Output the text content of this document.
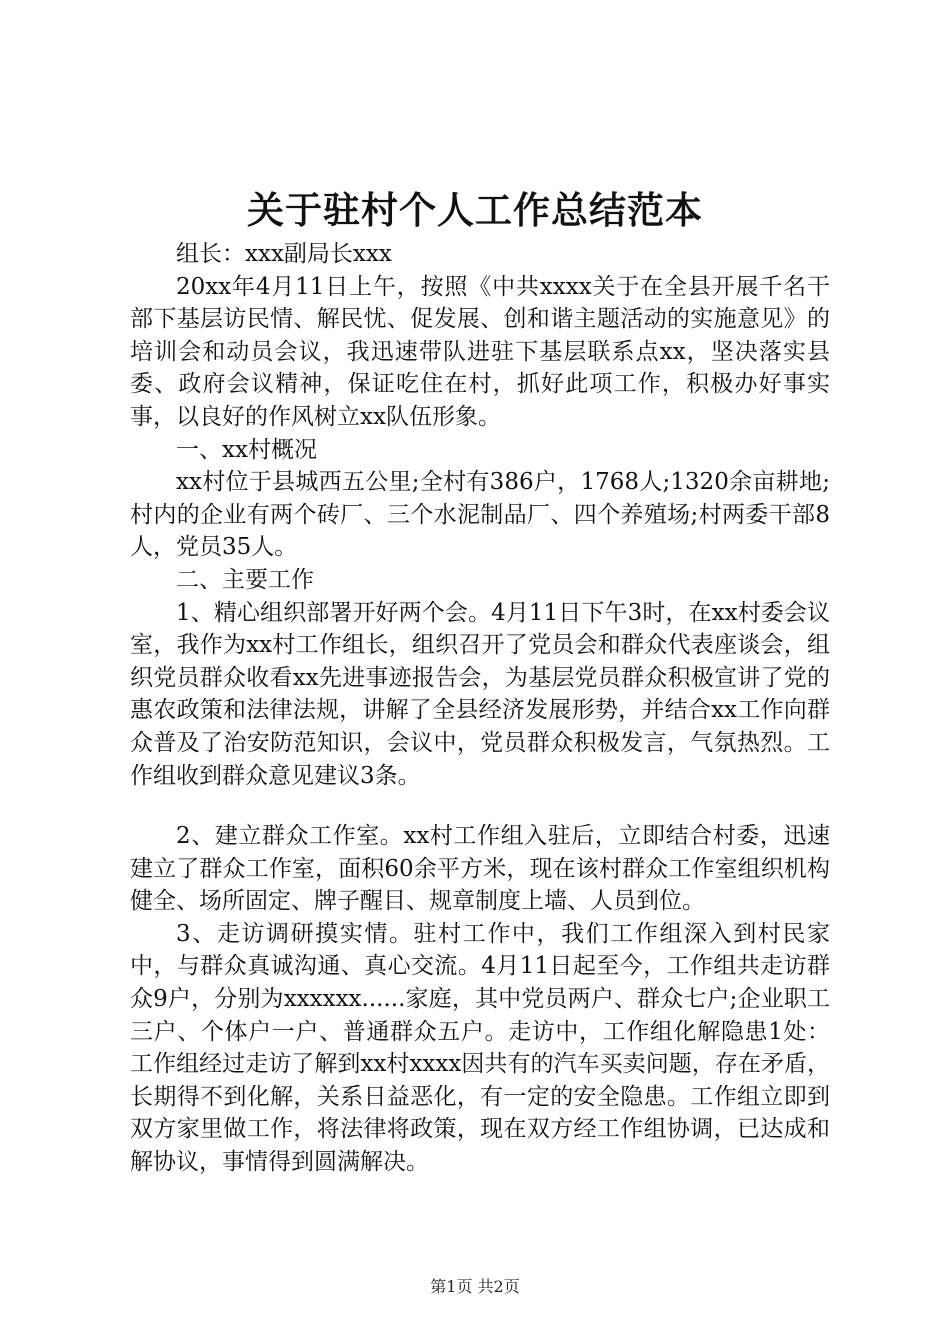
关于驻村个人工作总结范本

组长：xxx副局长xxx

20xx年4月11日上午，按照《中共xxxx关于在全县开展千名干部下基层访民情、解民忧、促发展、创和谐主题活动的实施意见》的培训会和动员会议，我迅速带队进驻下基层联系点xx，坚决落实县委、政府会议精神，保证吃住在村，抓好此项工作，积极办好事实事，以良好的作风树立xx队伍形象。

一、xx村概况

xx村位于县城西五公里;全村有386户，1768人;1320余亩耕地;村内的企业有两个砖厂、三个水泥制品厂、四个养殖场;村两委干部8人，党员35人。

二、主要工作

1、精心组织部署开好两个会。4月11日下午3时，在xx村委会议室，我作为xx村工作组长，组织召开了党员会和群众代表座谈会，组织党员群众收看xx先进事迹报告会，为基层党员群众积极宣讲了党的惠农政策和法律法规，讲解了全县经济发展形势，并结合xx工作向群众普及了治安防范知识，会议中，党员群众积极发言，气氛热烈。工作组收到群众意见建议3条。

2、建立群众工作室。xx村工作组入驻后，立即结合村委，迅速建立了群众工作室，面积60余平方米，现在该村群众工作室组织机构健全、场所固定、牌子醒目、规章制度上墙、人员到位。

3、走访调研摸实情。驻村工作中，我们工作组深入到村民家中，与群众真诚沟通、真心交流。4月11日起至今，工作组共走访群众9户，分别为xxxxxx......家庭，其中党员两户、群众七户;企业职工三户、个体户一户、普通群众五户。走访中，工作组化解隐患1处：工作组经过走访了解到xx村xxxx因共有的汽车买卖问题，存在矛盾，长期得不到化解，关系日益恶化，有一定的安全隐患。工作组立即到双方家里做工作，将法律将政策，现在双方经工作组协调，已达成和解协议，事情得到圆满解决。

第1页 共2页
